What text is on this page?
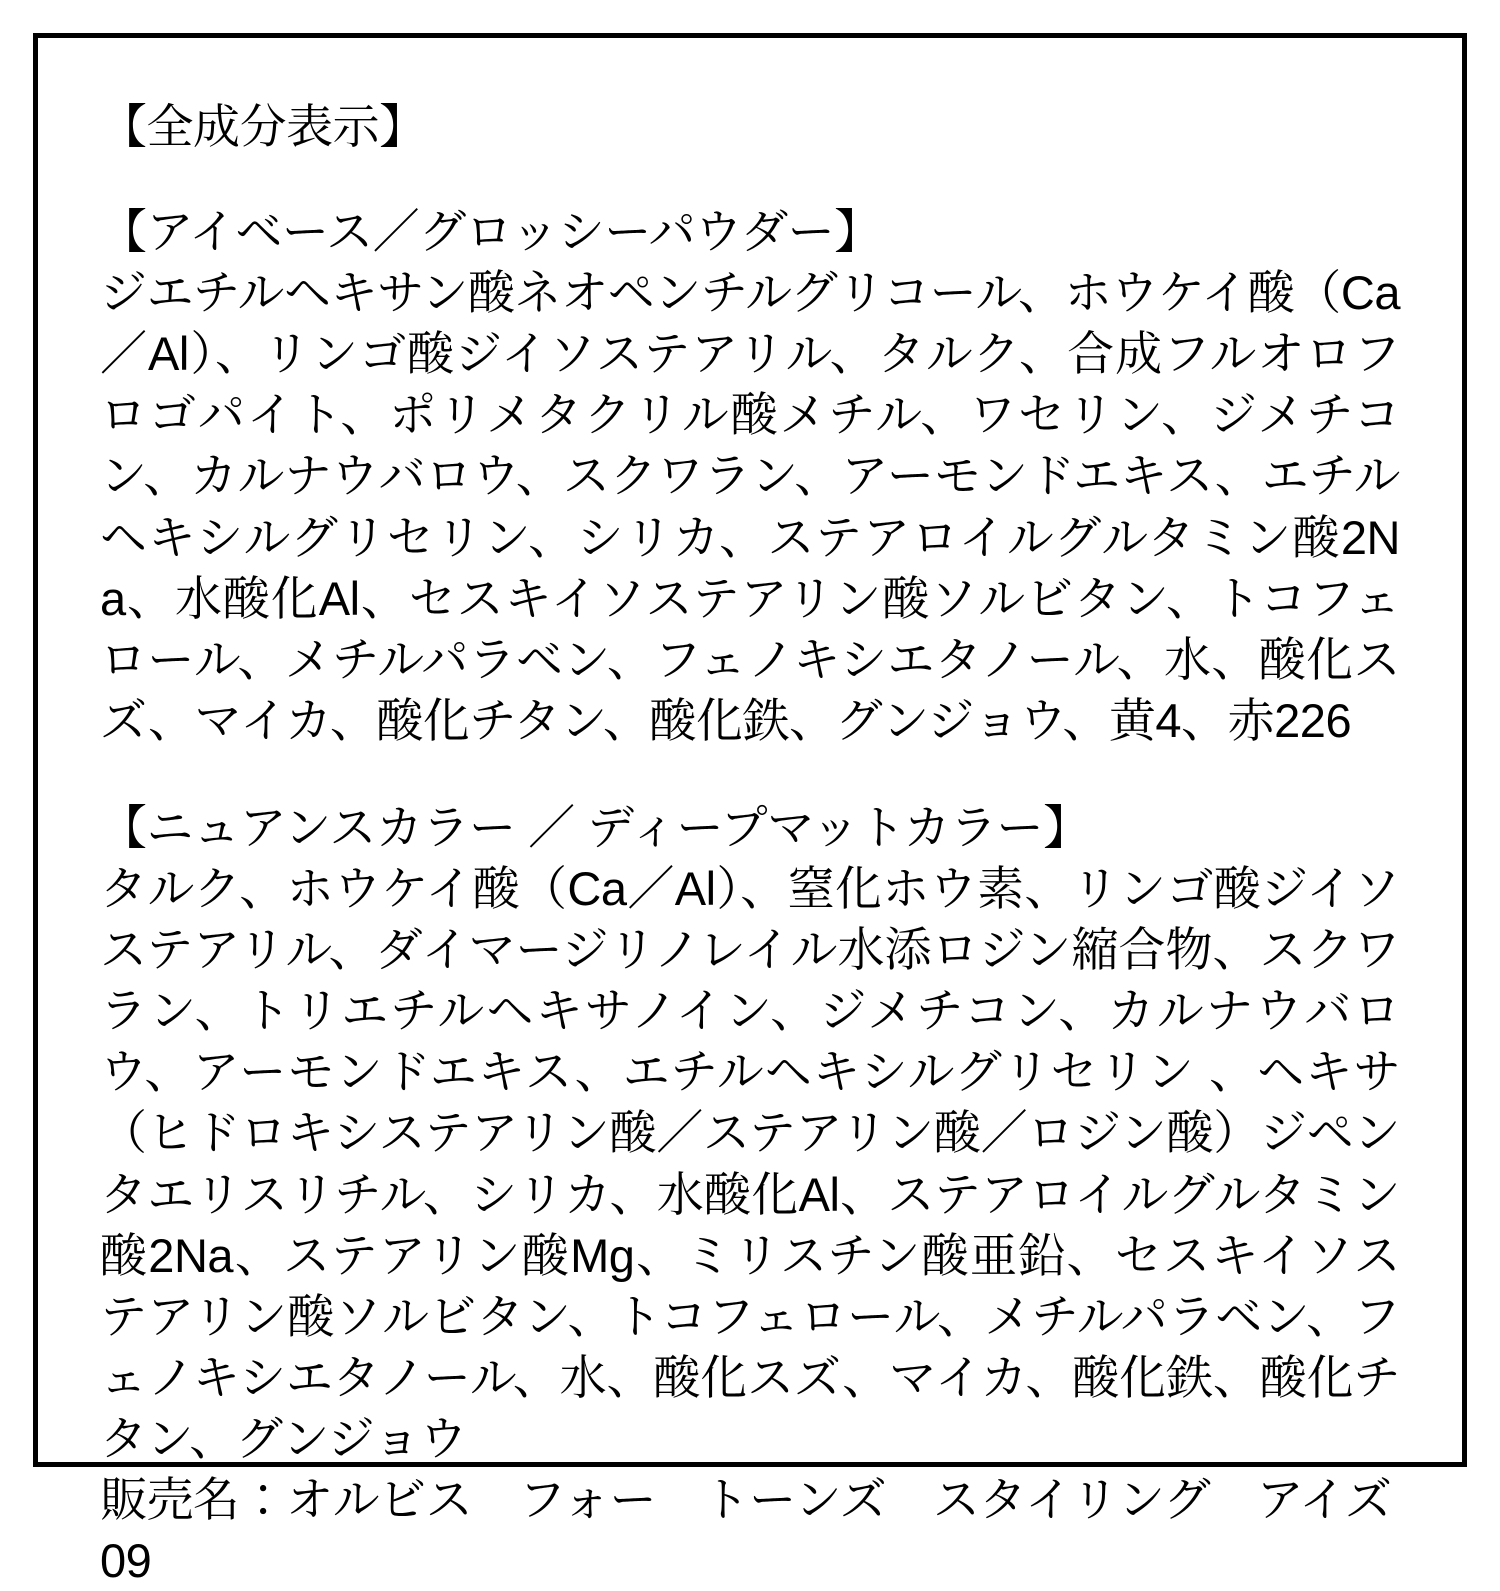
【全成分表示】

【アイベース／グロッシーパウダー】

ジエチルヘキサン酸ネオペンチルグリコール、ホウケイ酸（Ca／Al）、リンゴ酸ジイソステアリル、タルク、合成フルオロフロゴパイト、ポリメタクリル酸メチル、ワセリン、ジメチコン、カルナウバロウ、スクワラン、アーモンドエキス、エチルヘキシルグリセリン、シリカ、ステアロイルグルタミン酸2Na、水酸化Al、セスキイソステアリン酸ソルビタン、トコフェロール、メチルパラベン、フェノキシエタノール、水、酸化スズ、マイカ、酸化チタン、酸化鉄、グンジョウ、黄4、赤226

【ニュアンスカラー ／ ディープマットカラー】

タルク、ホウケイ酸（Ca／Al）、窒化ホウ素、リンゴ酸ジイソステアリル、ダイマージリノレイル水添ロジン縮合物、スクワラン、トリエチルヘキサノイン、ジメチコン、カルナウバロウ、アーモンドエキス、エチルヘキシルグリセリン 、ヘキサ（ヒドロキシステアリン酸／ステアリン酸／ロジン酸）ジペンタエリスリチル、シリカ、水酸化Al、ステアロイルグルタミン酸2Na、ステアリン酸Mg、ミリスチン酸亜鉛、セスキイソステアリン酸ソルビタン、トコフェロール、メチルパラベン、フェノキシエタノール、水、酸化スズ、マイカ、酸化鉄、酸化チタン、グンジョウ

販売名：オルビス　フォー　トーンズ　スタイリング　アイズ09
